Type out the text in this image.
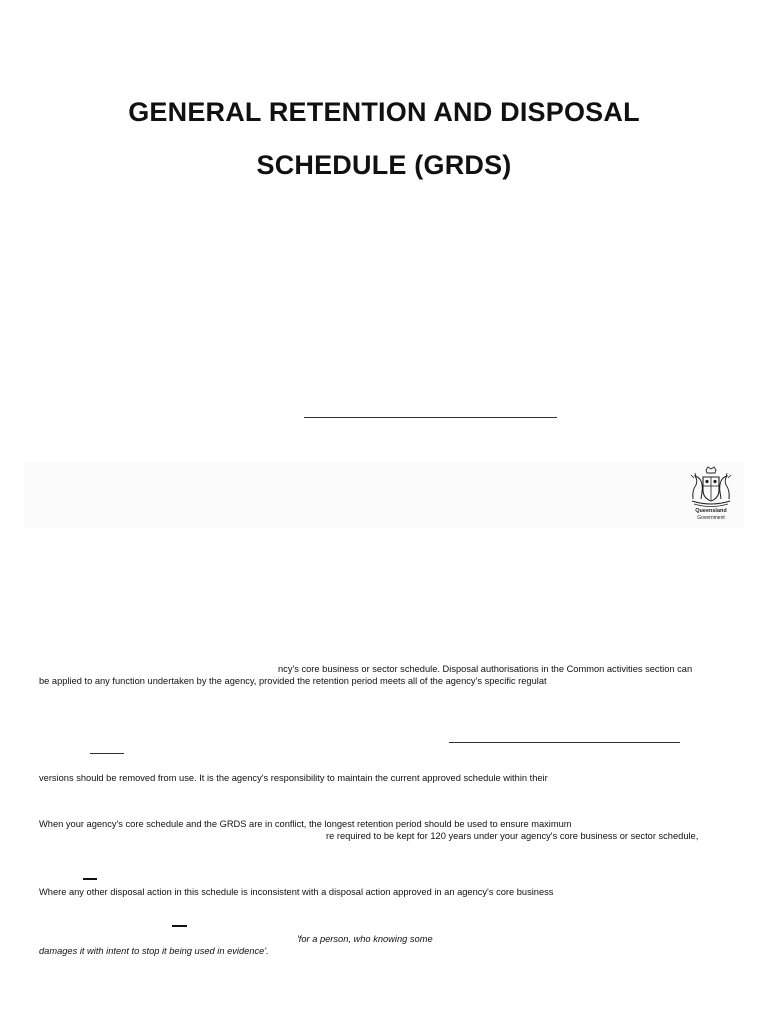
GENERAL RETENTION AND DISPOSAL
SCHEDULE (GRDS)
Queensland
Government
ncy's core business or sector schedule. Disposal authorisations in the Common activities section can
be applied to any function undertaken by the agency, provided the retention period meets all of the agency's specific regulat
versions should be removed from use. It is the agency's responsibility to maintain the current approved schedule within their
When your agency's core schedule and the GRDS are in conflict, the longest retention period should be used to ensure maximum
re required to be kept for 120 years under your agency's core business or sector schedule,
Where any other disposal action in this schedule is inconsistent with a disposal action approved in an agency's core business
'for a person, who knowing some
damages it with intent to stop it being used in evidence'.
